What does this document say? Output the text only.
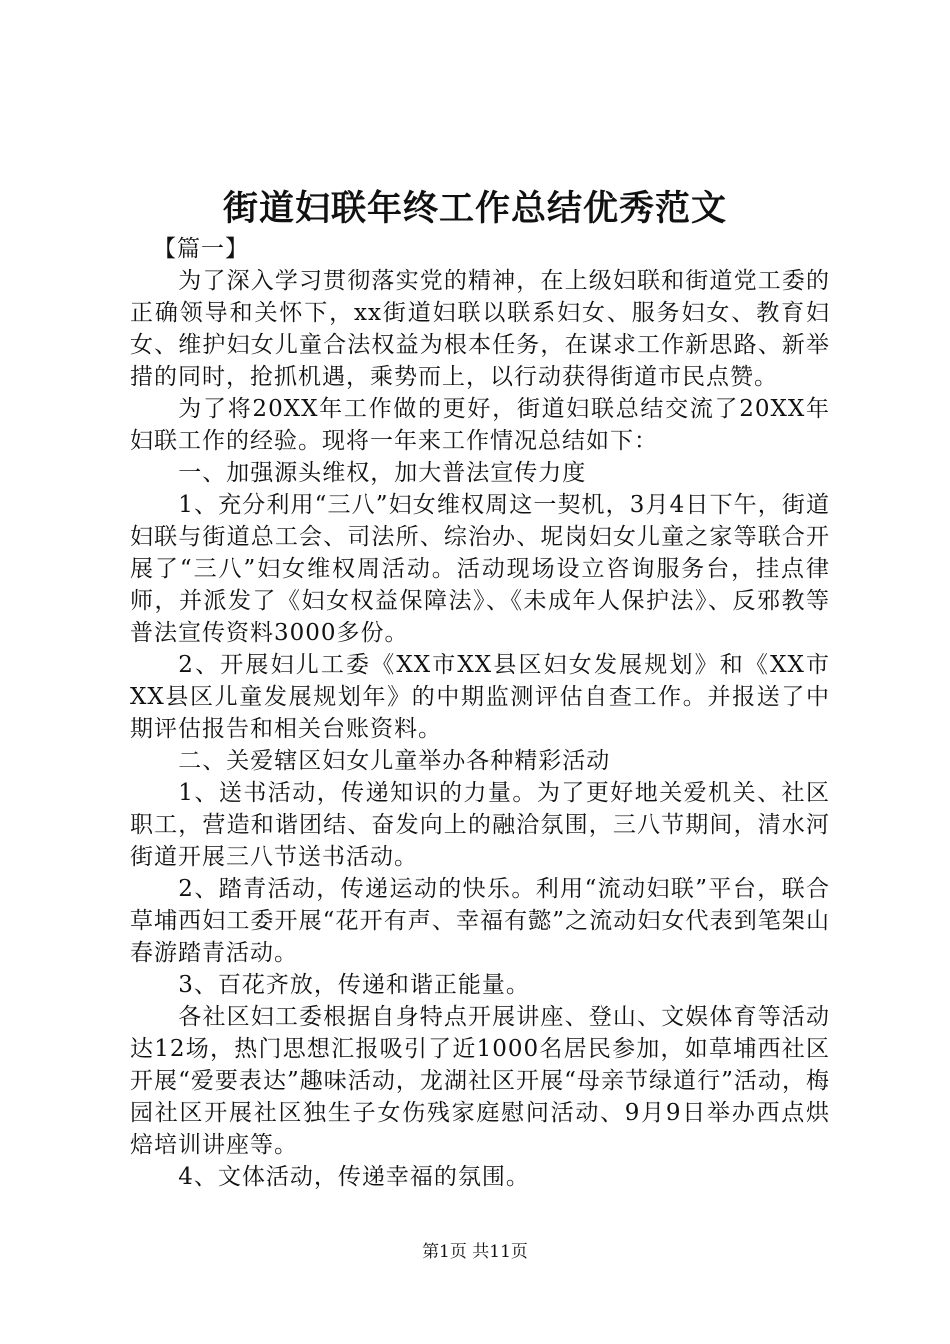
街道妇联年终工作总结优秀范文

【篇一】

为了深入学习贯彻落实党的精神，在上级妇联和街道党工委的正确领导和关怀下，xx街道妇联以联系妇女、服务妇女、教育妇女、维护妇女儿童合法权益为根本任务，在谋求工作新思路、新举措的同时，抢抓机遇，乘势而上，以行动获得街道市民点赞。

为了将20XX年工作做的更好，街道妇联总结交流了20XX年妇联工作的经验。现将一年来工作情况总结如下：

一、加强源头维权，加大普法宣传力度

1、充分利用“三八”妇女维权周这一契机，3月4日下午，街道妇联与街道总工会、司法所、综治办、坭岗妇女儿童之家等联合开展了“三八”妇女维权周活动。活动现场设立咨询服务台，挂点律师，并派发了《妇女权益保障法》、《未成年人保护法》、反邪教等普法宣传资料3000多份。

2、开展妇儿工委《XX市XX县区妇女发展规划》和《XX市XX县区儿童发展规划年》的中期监测评估自查工作。并报送了中期评估报告和相关台账资料。

二、关爱辖区妇女儿童举办各种精彩活动

1、送书活动，传递知识的力量。为了更好地关爱机关、社区职工，营造和谐团结、奋发向上的融洽氛围，三八节期间，清水河街道开展三八节送书活动。

2、踏青活动，传递运动的快乐。利用“流动妇联”平台，联合草埔西妇工委开展“花开有声、幸福有懿”之流动妇女代表到笔架山春游踏青活动。

3、百花齐放，传递和谐正能量。

各社区妇工委根据自身特点开展讲座、登山、文娱体育等活动达12场，热门思想汇报吸引了近1000名居民参加，如草埔西社区开展“爱要表达”趣味活动，龙湖社区开展“母亲节绿道行”活动，梅园社区开展社区独生子女伤残家庭慰问活动、9月9日举办西点烘焙培训讲座等。

4、文体活动，传递幸福的氛围。

第1页 共11页
